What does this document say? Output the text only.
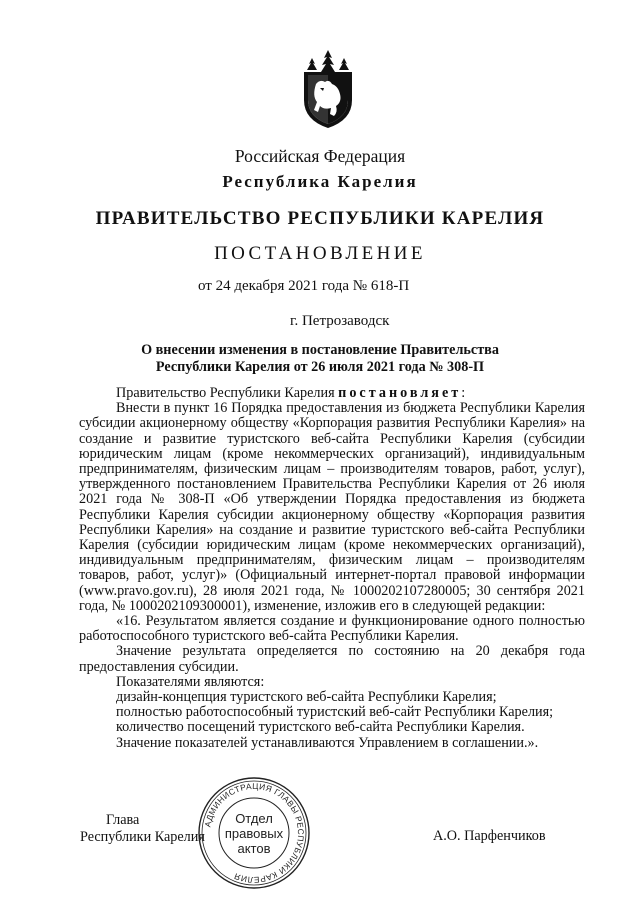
Российская Федерация
Республика Карелия
ПРАВИТЕЛЬСТВО РЕСПУБЛИКИ КАРЕЛИЯ
ПОСТАНОВЛЕНИЕ
от 24 декабря 2021 года № 618-П
г. Петрозаводск
О внесении изменения в постановление Правительства
Республики Карелия от 26 июля 2021 года № 308-П

Правительство Республики Карелия постановляет:

Внести в пункт 16 Порядка предоставления из бюджета Республики Карелия субсидии акционерному обществу «Корпорация развития Республики Карелия» на создание и развитие туристского веб-сайта Республики Карелия (субсидии юридическим лицам (кроме некоммерческих организаций), индивидуальным предпринимателям, физическим лицам – производителям товаров, работ, услуг), утвержденного постановлением Правительства Республики Карелия от 26 июля 2021 года № 308-П «Об утверждении Порядка предоставления из бюджета Республики Карелия субсидии акционерному обществу «Корпорация развития Республики Карелия» на создание и развитие туристского веб-сайта Республики Карелия (субсидии юридическим лицам (кроме некоммерческих организаций), индивидуальным предпринимателям, физическим лицам – производителям товаров, работ, услуг)» (Официальный интернет-портал правовой информации (www.pravo.gov.ru), 28 июля 2021 года, № 1000202107280005; 30 сентября 2021 года, № 1000202109300001), изменение, изложив его в следующей редакции:

«16. Результатом является создание и функционирование одного полностью работоспособного туристского веб-сайта Республики Карелия.

Значение результата определяется по состоянию на 20 декабря года предоставления субсидии.

Показателями являются:

дизайн-концепция туристского веб-сайта Республики Карелия;

полностью работоспособный туристский веб-сайт Республики Карелия;

количество посещений туристского веб-сайта Республики Карелия.

Значение показателей устанавливаются Управлением в соглашении.».

Глава
Республики Карелия
АДМИНИСТРАЦИЯ ГЛАВЫ РЕСПУБЛИКИ КАРЕЛИЯ
Отдел
правовых
актов
А.О. Парфенчиков
